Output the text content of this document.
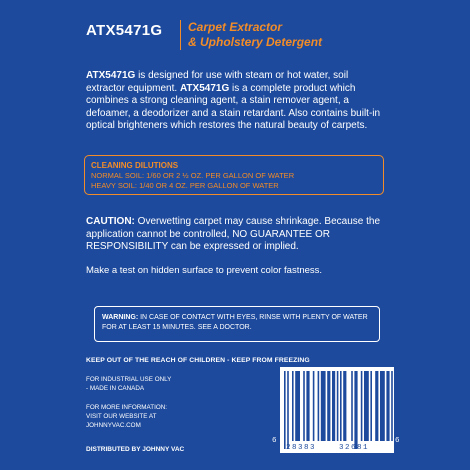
ATX5471G Carpet Extractor
& Upholstery Detergent
ATX5471G is designed for use with steam or hot water, soil extractor equipment. ATX5471G is a complete product which combines a strong cleaning agent, a stain remover agent, a defoamer, a deodorizer and a stain retardant. Also contains built-in optical brighteners which restores the natural beauty of carpets.
CLEANING DILUTIONS
NORMAL SOIL: 1/60 OR 2 ½ OZ. PER GALLON OF WATER
HEAVY SOIL: 1/40 OR 4 OZ. PER GALLON OF WATER
CAUTION: Overwetting carpet may cause shrinkage. Because the application cannot be controlled, NO GUARANTEE OR RESPONSIBILITY can be expressed or implied.
Make a test on hidden surface to prevent color fastness.
WARNING: IN CASE OF CONTACT WITH EYES, RINSE WITH PLENTY OF WATER FOR AT LEAST 15 MINUTES. SEE A DOCTOR.
KEEP OUT OF THE REACH OF CHILDREN - KEEP FROM FREEZING
FOR INDUSTRIAL USE ONLY
- MADE IN CANADA
FOR MORE INFORMATION:
VISIT OUR WEBSITE AT
JOHNNYVAC.COM
DISTRIBUTED BY JOHNNY VAC
6
28383	32681
6
